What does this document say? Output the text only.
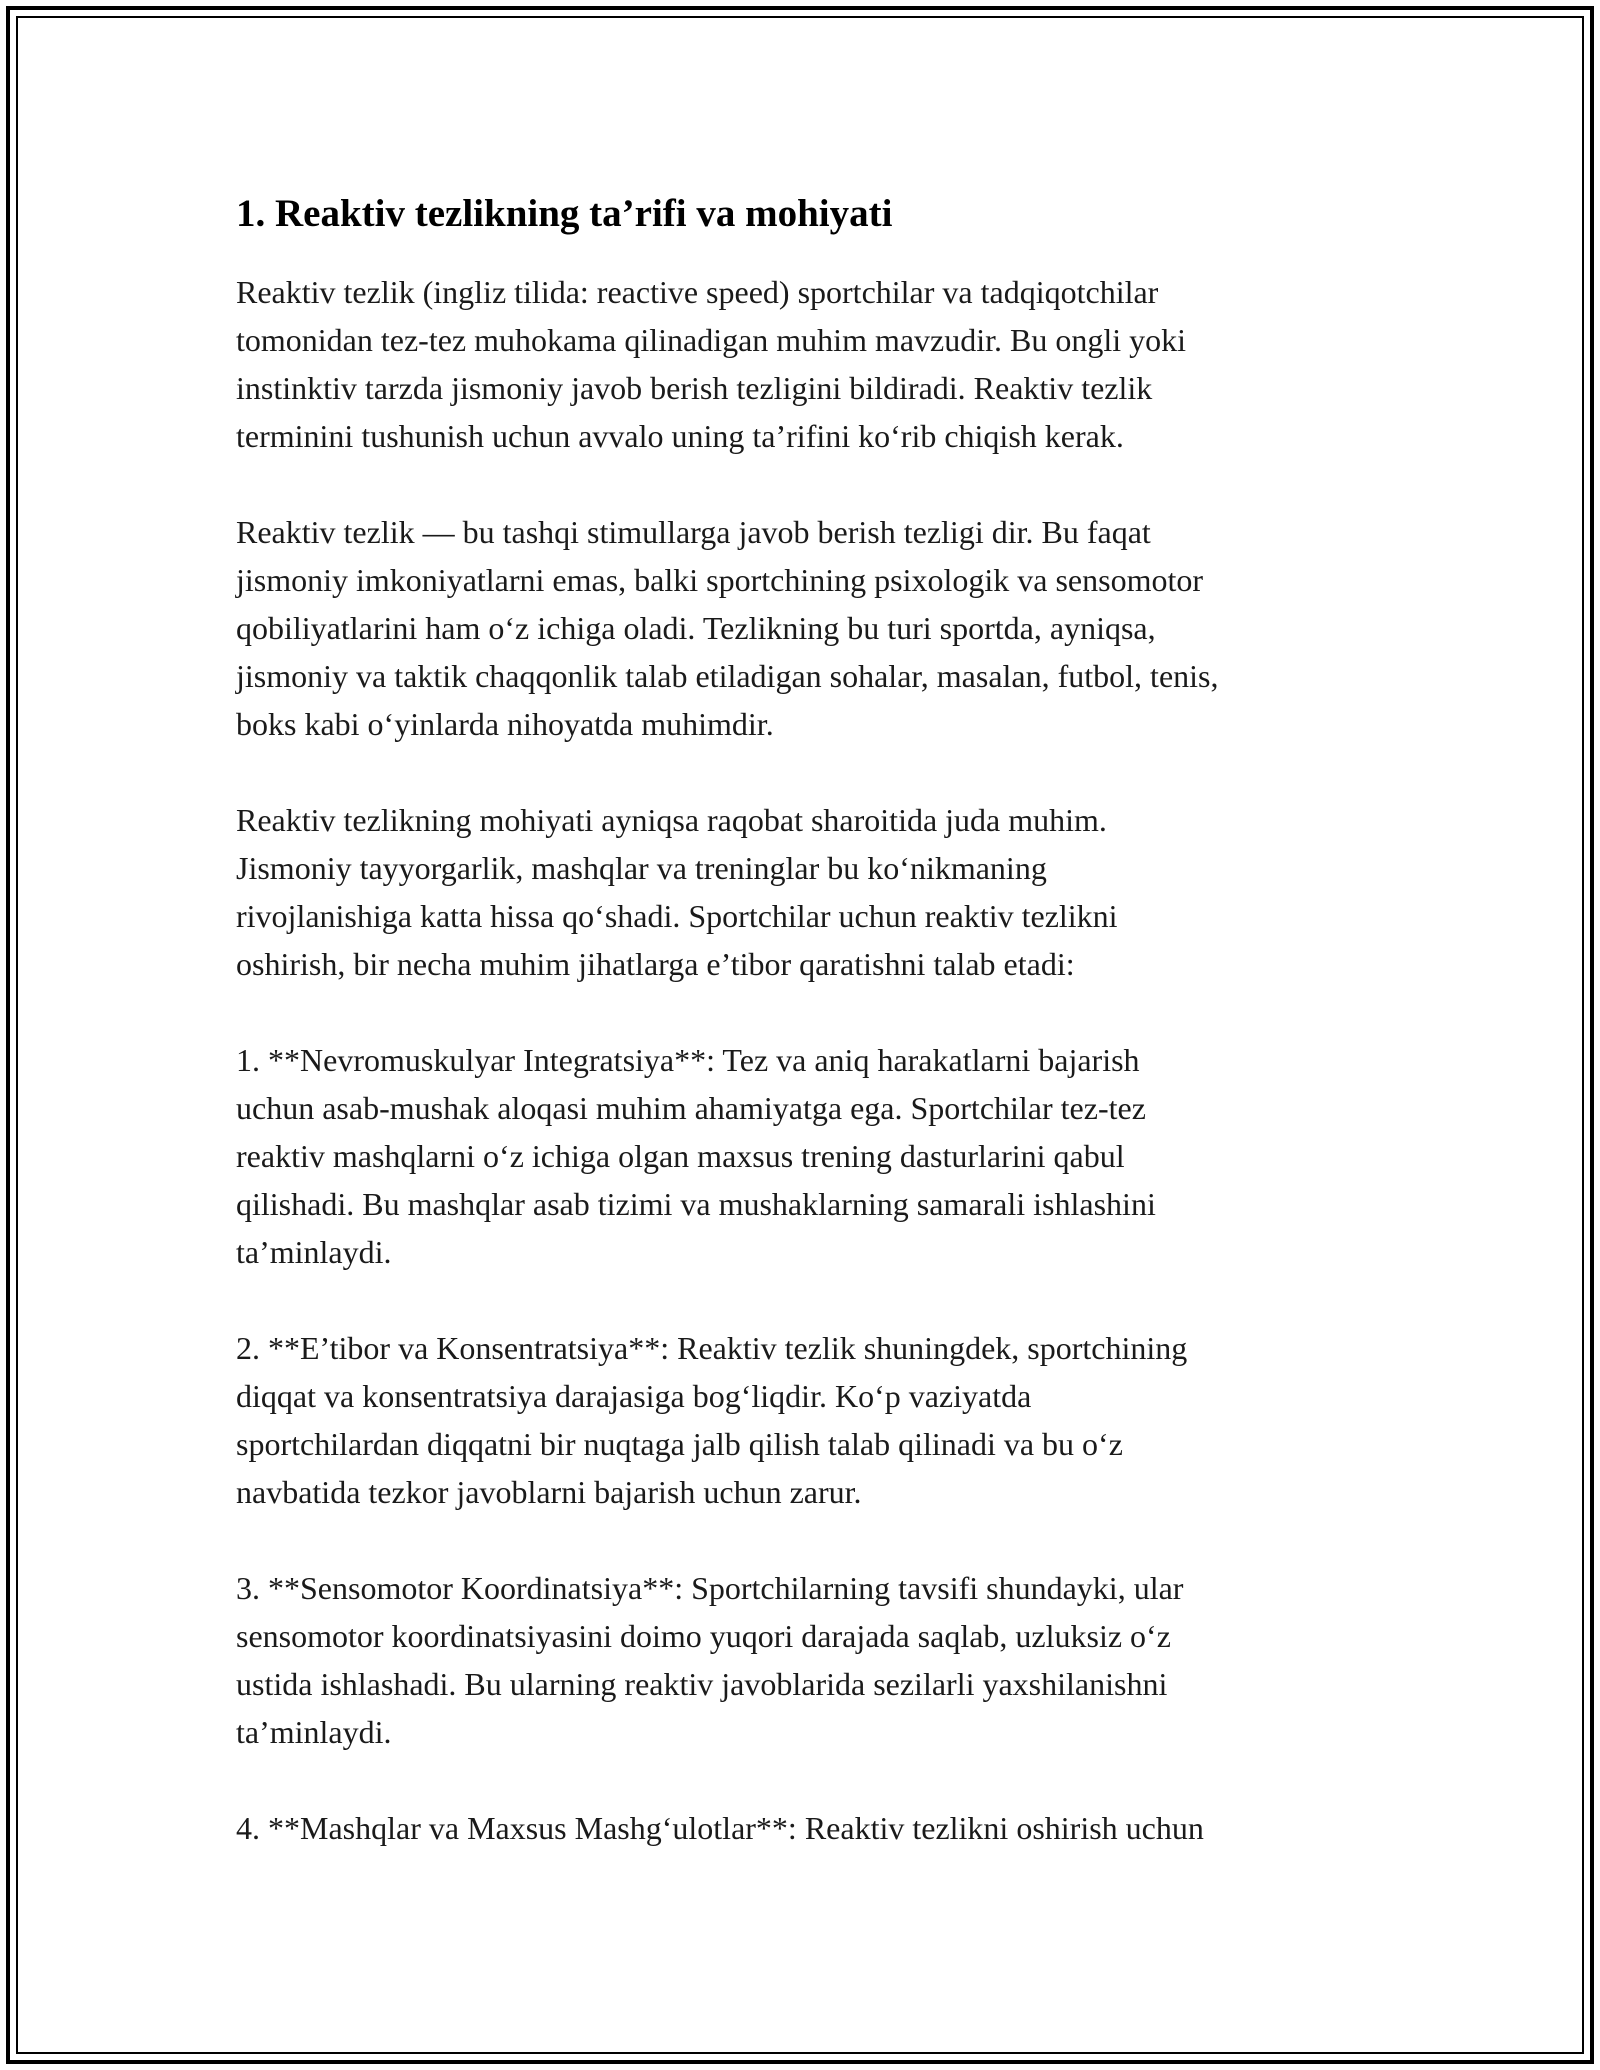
1. Reaktiv tezlikning ta’rifi va mohiyati

Reaktiv tezlik (ingliz tilida: reactive speed) sportchilar va tadqiqotchilar
tomonidan tez-tez muhokama qilinadigan muhim mavzudir. Bu ongli yoki
instinktiv tarzda jismoniy javob berish tezligini bildiradi. Reaktiv tezlik
terminini tushunish uchun avvalo uning ta’rifini ko‘rib chiqish kerak.

Reaktiv tezlik — bu tashqi stimullarga javob berish tezligi dir. Bu faqat
jismoniy imkoniyatlarni emas, balki sportchining psixologik va sensomotor
qobiliyatlarini ham o‘z ichiga oladi. Tezlikning bu turi sportda, ayniqsa,
jismoniy va taktik chaqqonlik talab etiladigan sohalar, masalan, futbol, tenis,
boks kabi o‘yinlarda nihoyatda muhimdir.

Reaktiv tezlikning mohiyati ayniqsa raqobat sharoitida juda muhim.
Jismoniy tayyorgarlik, mashqlar va treninglar bu ko‘nikmaning
rivojlanishiga katta hissa qo‘shadi. Sportchilar uchun reaktiv tezlikni
oshirish, bir necha muhim jihatlarga e’tibor qaratishni talab etadi:

1. **Nevromuskulyar Integratsiya**: Tez va aniq harakatlarni bajarish
uchun asab-mushak aloqasi muhim ahamiyatga ega. Sportchilar tez-tez
reaktiv mashqlarni o‘z ichiga olgan maxsus trening dasturlarini qabul
qilishadi. Bu mashqlar asab tizimi va mushaklarning samarali ishlashini
ta’minlaydi.

2. **E’tibor va Konsentratsiya**: Reaktiv tezlik shuningdek, sportchining
diqqat va konsentratsiya darajasiga bog‘liqdir. Ko‘p vaziyatda
sportchilardan diqqatni bir nuqtaga jalb qilish talab qilinadi va bu o‘z
navbatida tezkor javoblarni bajarish uchun zarur.

3. **Sensomotor Koordinatsiya**: Sportchilarning tavsifi shundayki, ular
sensomotor koordinatsiyasini doimo yuqori darajada saqlab, uzluksiz o‘z
ustida ishlashadi. Bu ularning reaktiv javoblarida sezilarli yaxshilanishni
ta’minlaydi.

4. **Mashqlar va Maxsus Mashg‘ulotlar**: Reaktiv tezlikni oshirish uchun
